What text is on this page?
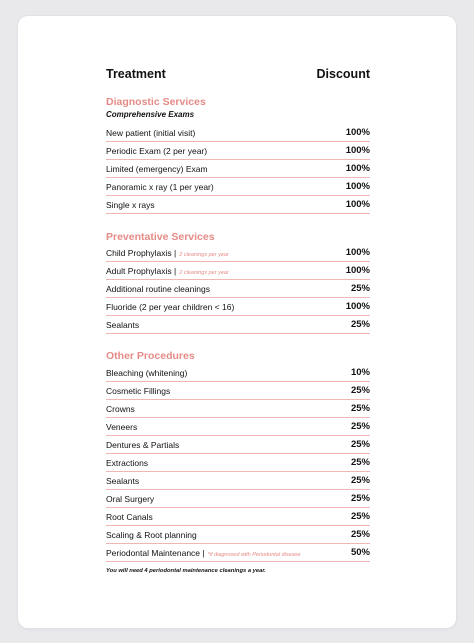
Treatment	Discount
Diagnostic Services
Comprehensive Exams
New patient (initial visit)	100%
Periodic Exam (2 per year)	100%
Limited (emergency) Exam	100%
Panoramic x ray (1 per year)	100%
Single x rays	100%
Preventative Services
Child Prophylaxis | 2 cleanings per year	100%
Adult Prophylaxis | 2 cleanings per year	100%
Additional routine cleanings	25%
Fluoride (2 per year children < 16)	100%
Sealants	25%
Other Procedures
Bleaching (whitening)	10%
Cosmetic Fillings	25%
Crowns	25%
Veneers	25%
Dentures & Partials	25%
Extractions	25%
Sealants	25%
Oral Surgery	25%
Root Canals	25%
Scaling & Root planning	25%
Periodontal Maintenance | *if diagnosed with Periodontal disease	50%
You will need 4 periodontal maintenance cleanings a year.
